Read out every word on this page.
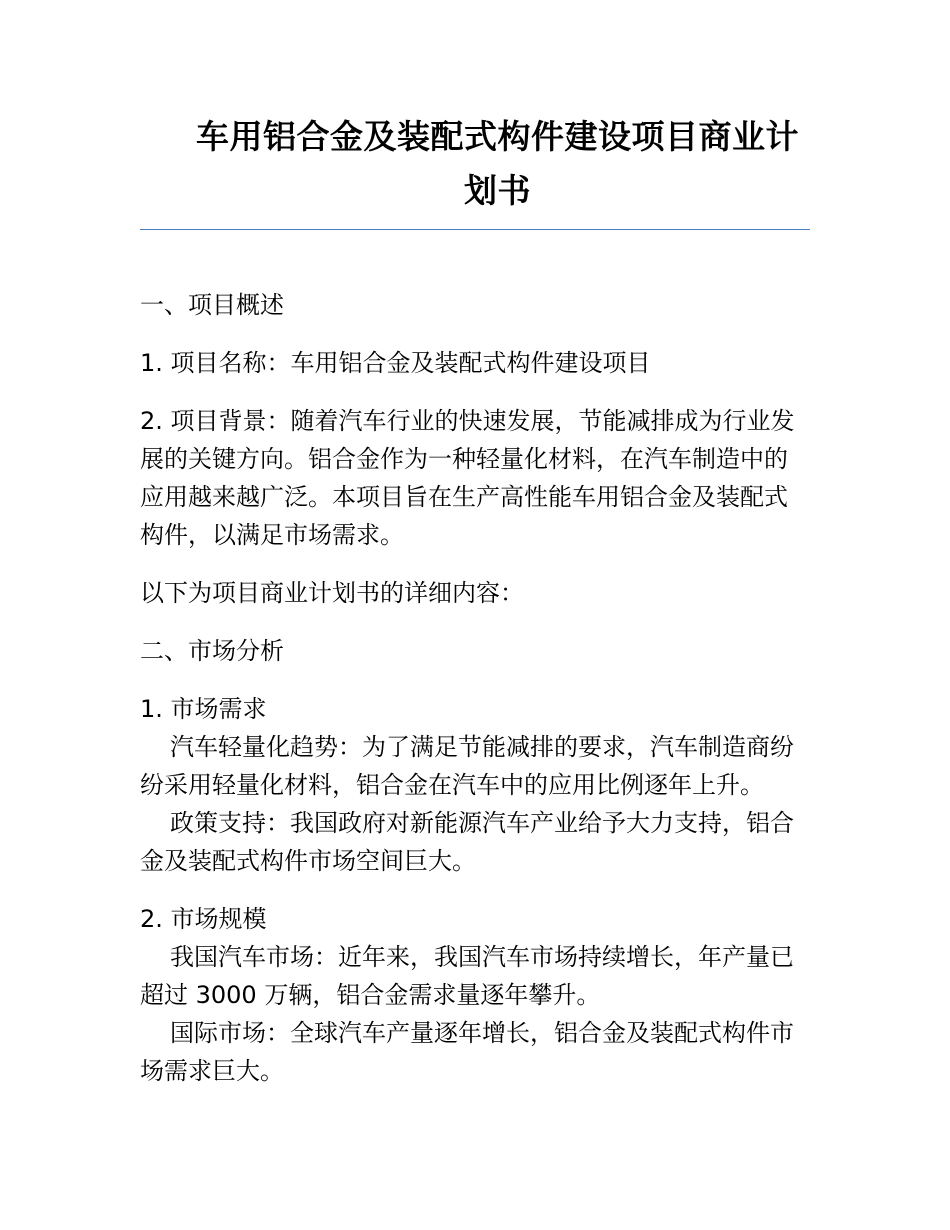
车用铝合金及装配式构件建设项目商业计划书

一、项目概述

1. 项目名称：车用铝合金及装配式构件建设项目

2. 项目背景：随着汽车行业的快速发展，节能减排成为行业发展的关键方向。铝合金作为一种轻量化材料，在汽车制造中的应用越来越广泛。本项目旨在生产高性能车用铝合金及装配式构件，以满足市场需求。

以下为项目商业计划书的详细内容：

二、市场分析

1. 市场需求

汽车轻量化趋势：为了满足节能减排的要求，汽车制造商纷纷采用轻量化材料，铝合金在汽车中的应用比例逐年上升。

政策支持：我国政府对新能源汽车产业给予大力支持，铝合金及装配式构件市场空间巨大。

2. 市场规模

我国汽车市场：近年来，我国汽车市场持续增长，年产量已超过 3000 万辆，铝合金需求量逐年攀升。

国际市场：全球汽车产量逐年增长，铝合金及装配式构件市场需求巨大。
